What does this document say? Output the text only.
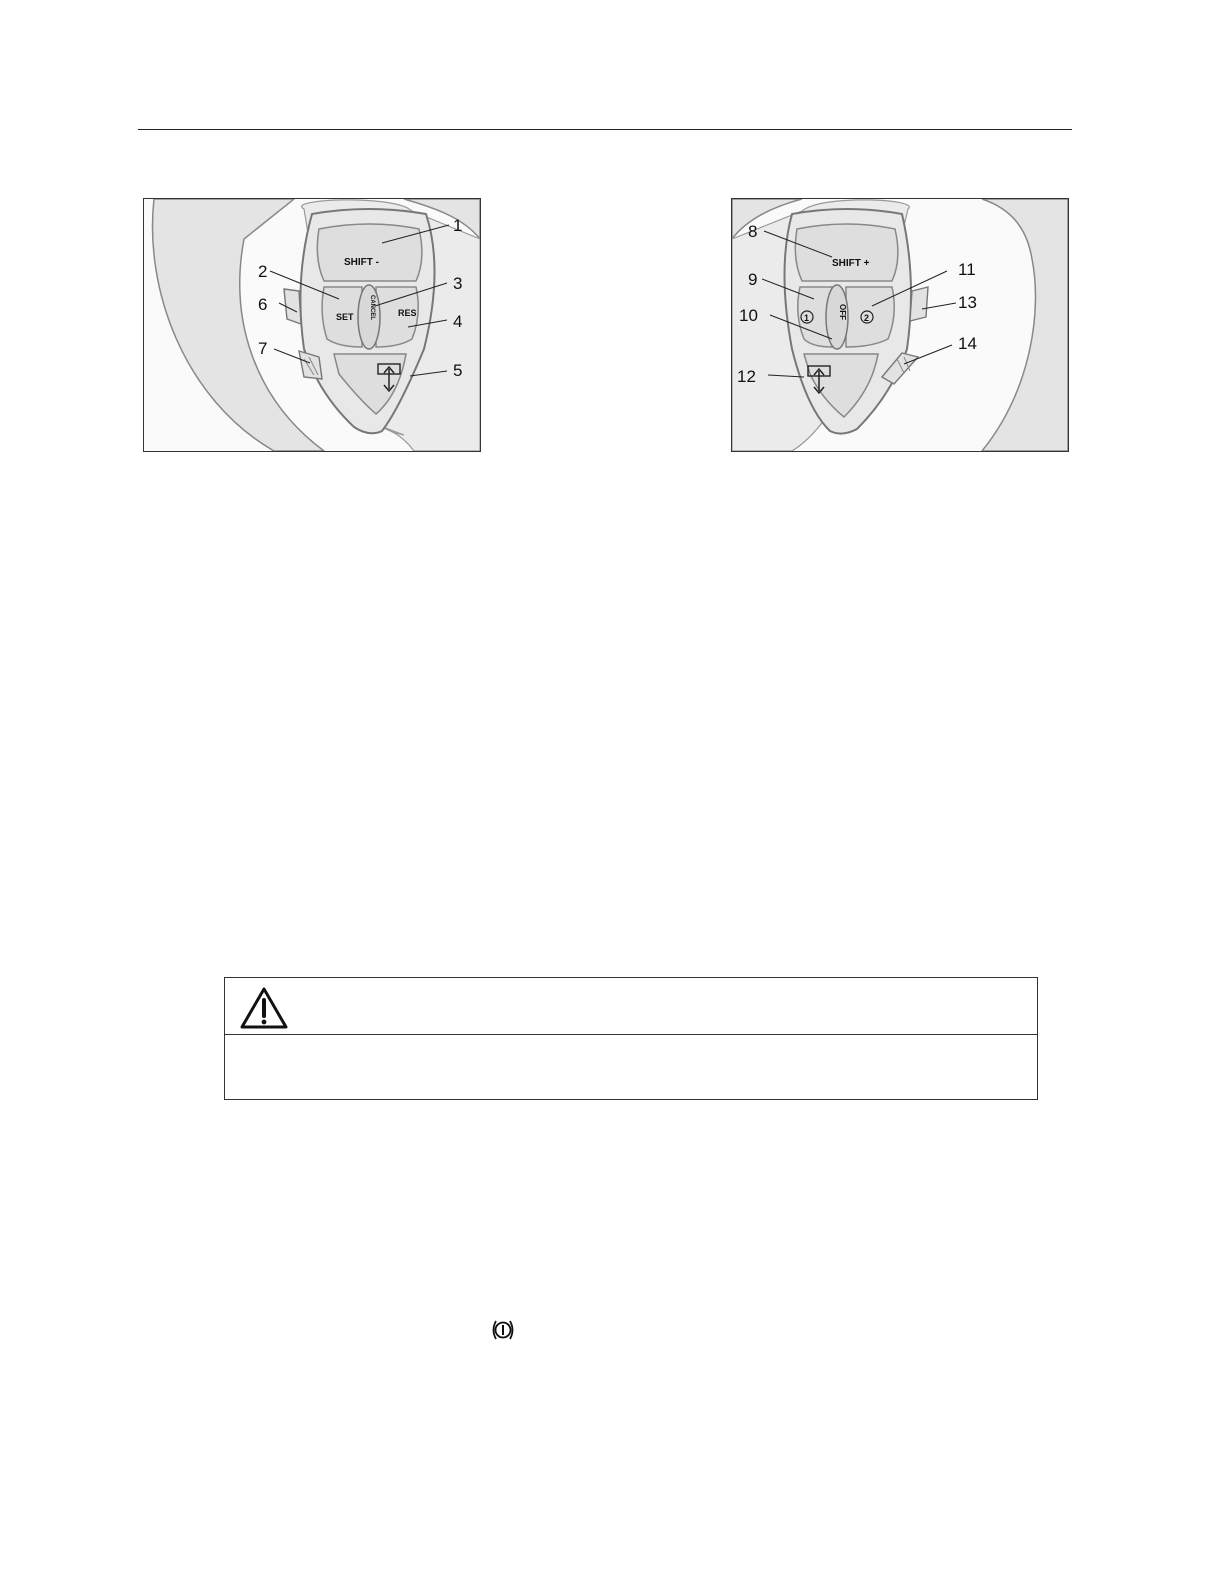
SHIFT -
SET	RES
CANCEL
1
2
3
4
5
6
7
SHIFT +
1	2
OFF
8
9
10
11
12
13
14
